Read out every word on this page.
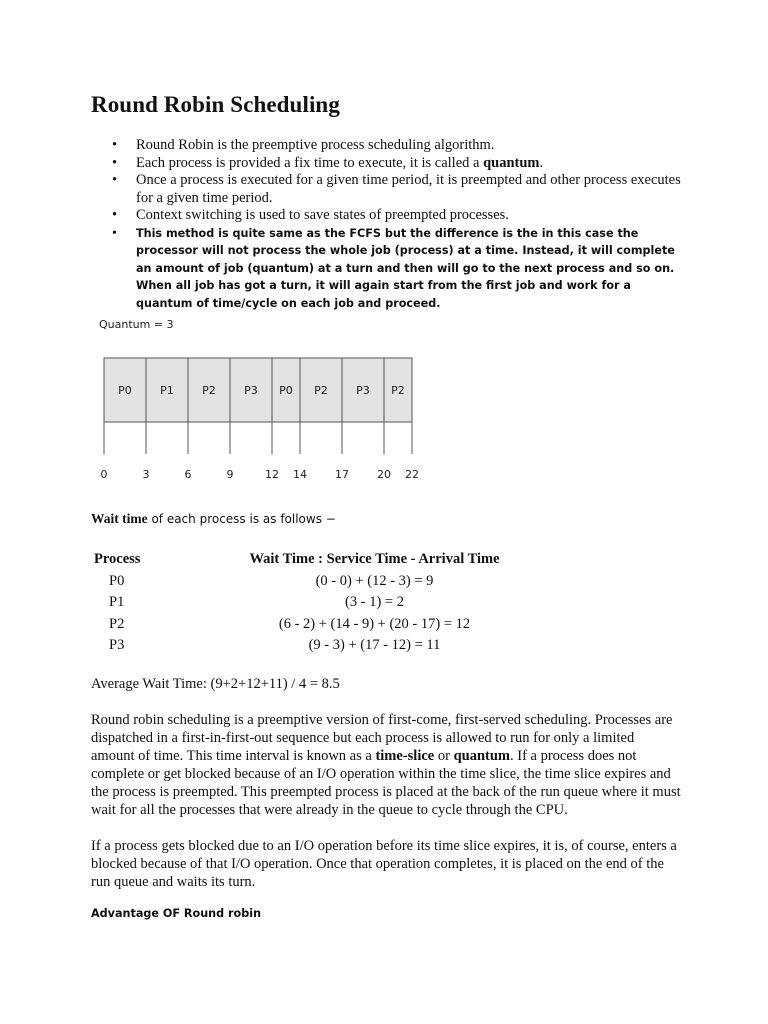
Round Robin Scheduling
• Round Robin is the preemptive process scheduling algorithm.
• Each process is provided a fix time to execute, it is called a quantum.
• Once a process is executed for a given time period, it is preempted and other process executes for a given time period.
• Context switching is used to save states of preempted processes.
• This method is quite same as the FCFS but the difference is the in this case the processor will not process the whole job (process) at a time. Instead, it will complete an amount of job (quantum) at a turn and then will go to the next process and so on. When all job has got a turn, it will again start from the first job and work for a quantum of time/cycle on each job and proceed.
Quantum = 3
P0	P1	P2	P3 P0 P2	P3 P2
0	3	6	9	12 14	17	20 22
Wait time of each process is as follows −
Process	Wait Time : Service Time - Arrival Time
P0	(0 - 0) + (12 - 3) = 9
P1	(3 - 1) = 2
P2	(6 - 2) + (14 - 9) + (20 - 17) = 12
P3	(9 - 3) + (17 - 12) = 11

Average Wait Time: (9+2+12+11) / 4 = 8.5

Round robin scheduling is a preemptive version of first-come, first-served scheduling. Processes are dispatched in a first-in-first-out sequence but each process is allowed to run for only a limited amount of time. This time interval is known as a time-slice or quantum. If a process does not complete or get blocked because of an I/O operation within the time slice, the time slice expires and the process is preempted. This preempted process is placed at the back of the run queue where it must wait for all the processes that were already in the queue to cycle through the CPU.

If a process gets blocked due to an I/O operation before its time slice expires, it is, of course, enters a blocked because of that I/O operation. Once that operation completes, it is placed on the end of the run queue and waits its turn.

Advantage OF Round robin
